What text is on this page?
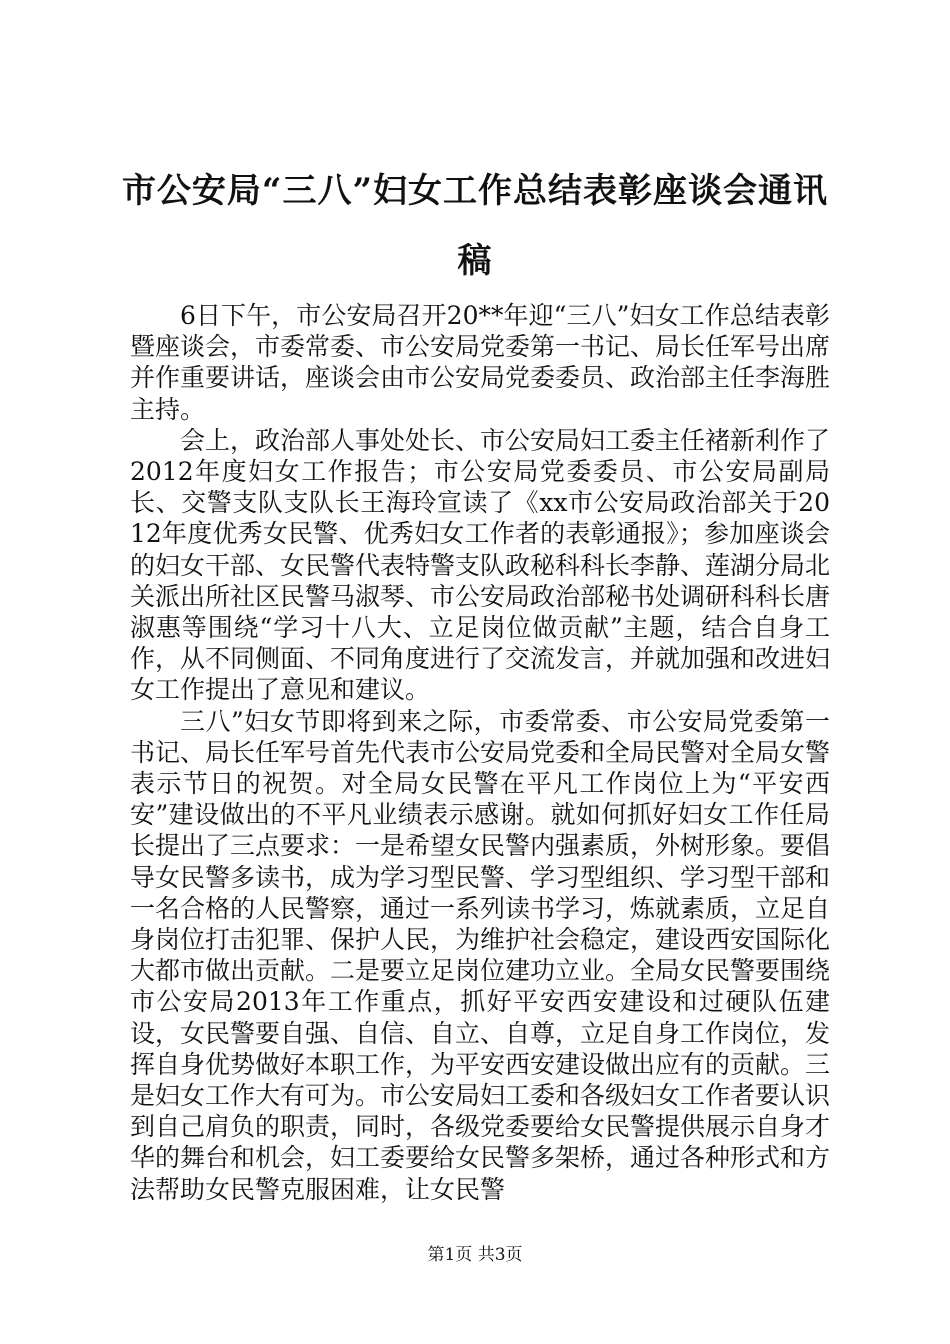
市公安局“三八”妇女工作总结表彰座谈会通讯稿

6日下午，市公安局召开20**年迎“三八”妇女工作总结表彰暨座谈会，市委常委、市公安局党委第一书记、局长任军号出席并作重要讲话，座谈会由市公安局党委委员、政治部主任李海胜主持。

会上，政治部人事处处长、市公安局妇工委主任褚新利作了2012年度妇女工作报告；市公安局党委委员、市公安局副局长、交警支队支队长王海玲宣读了《xx市公安局政治部关于2012年度优秀女民警、优秀妇女工作者的表彰通报》；参加座谈会的妇女干部、女民警代表特警支队政秘科科长李静、莲湖分局北关派出所社区民警马淑琴、市公安局政治部秘书处调研科科长唐淑惠等围绕“学习十八大、立足岗位做贡献”主题，结合自身工作，从不同侧面、不同角度进行了交流发言，并就加强和改进妇女工作提出了意见和建议。

三八”妇女节即将到来之际，市委常委、市公安局党委第一书记、局长任军号首先代表市公安局党委和全局民警对全局女警表示节日的祝贺。对全局女民警在平凡工作岗位上为“平安西安”建设做出的不平凡业绩表示感谢。就如何抓好妇女工作任局长提出了三点要求：一是希望女民警内强素质，外树形象。要倡导女民警多读书，成为学习型民警、学习型组织、学习型干部和一名合格的人民警察，通过一系列读书学习，炼就素质，立足自身岗位打击犯罪、保护人民，为维护社会稳定，建设西安国际化大都市做出贡献。二是要立足岗位建功立业。全局女民警要围绕市公安局2013年工作重点，抓好平安西安建设和过硬队伍建设，女民警要自强、自信、自立、自尊，立足自身工作岗位，发挥自身优势做好本职工作，为平安西安建设做出应有的贡献。三是妇女工作大有可为。市公安局妇工委和各级妇女工作者要认识到自己肩负的职责，同时，各级党委要给女民警提供展示自身才华的舞台和机会，妇工委要给女民警多架桥，通过各种形式和方法帮助女民警克服困难，让女民警

第1页 共3页
